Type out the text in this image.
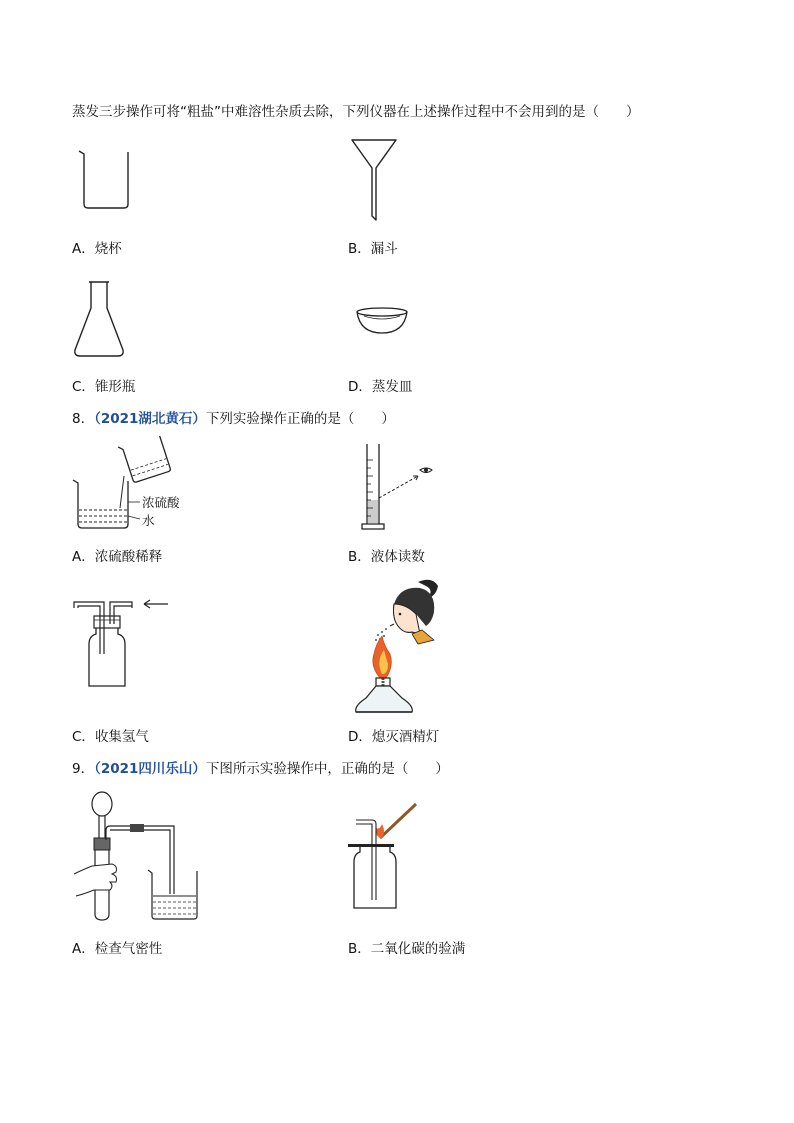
蒸发三步操作可将“粗盐”中难溶性杂质去除，下列仪器在上述操作过程中不会用到的是（　　）
A．烧杯	B．漏斗
C．锥形瓶	D．蒸发皿
8．（2021湖北黄石）下列实验操作正确的是（　　）
浓硫酸
水
A．浓硫酸稀释	B．液体读数
C．收集氢气	D．熄灭酒精灯
9．（2021四川乐山）下图所示实验操作中，正确的是（　　）
A．检查气密性	B．二氧化碳的验满
